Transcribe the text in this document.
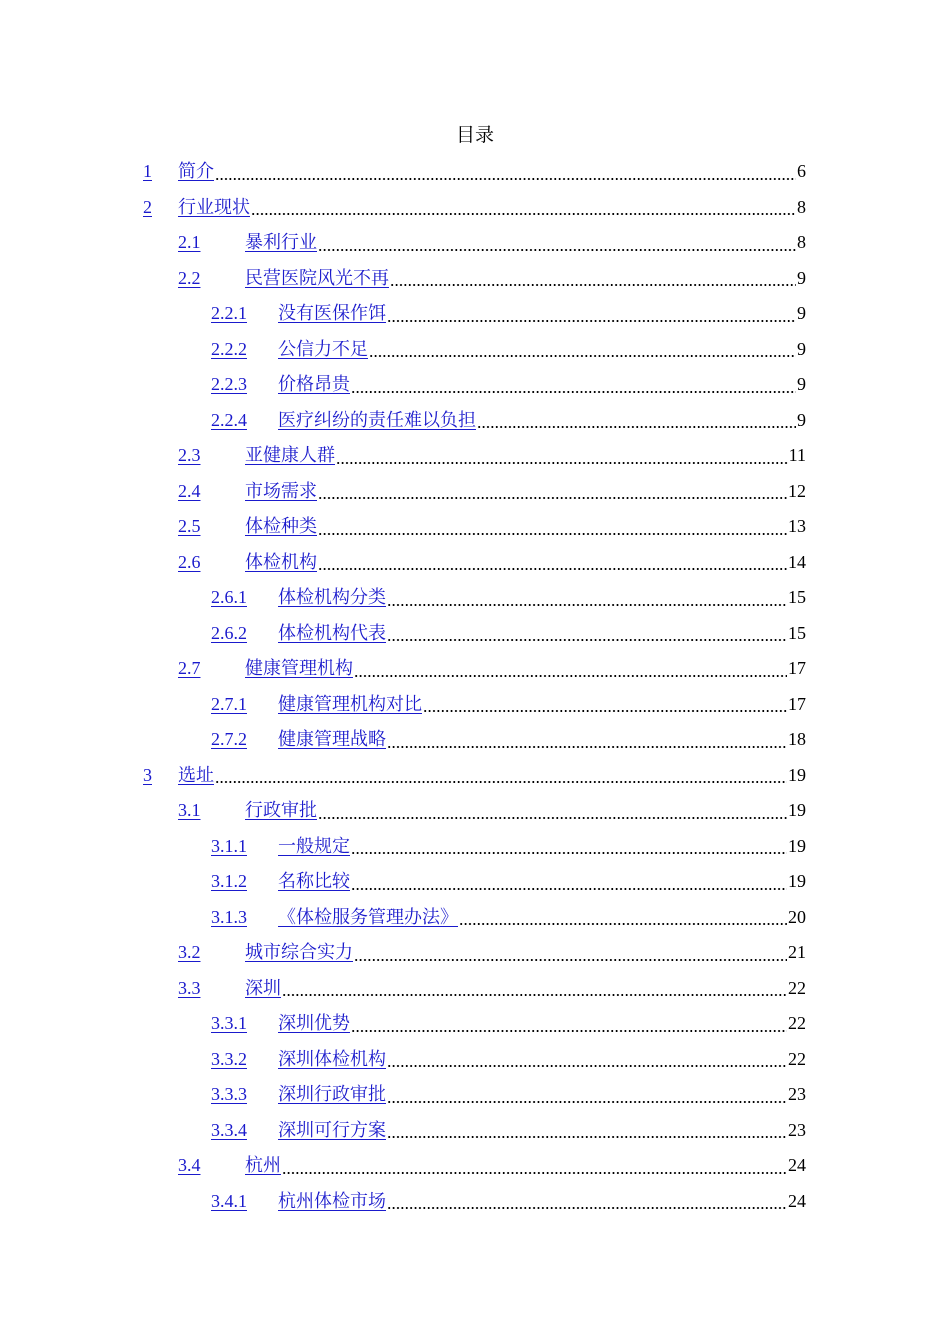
目录
1 简介	6
2 行业现状	8
2.1 暴利行业	8
2.2 民营医院风光不再	9
2.2.1 没有医保作饵	9
2.2.2 公信力不足	9
2.2.3 价格昂贵	9
2.2.4 医疗纠纷的责任难以负担	9
2.3 亚健康人群	11
2.4 市场需求	12
2.5 体检种类	13
2.6 体检机构	14
2.6.1 体检机构分类	15
2.6.2 体检机构代表	15
2.7 健康管理机构	17
2.7.1 健康管理机构对比	17
2.7.2 健康管理战略	18
3 选址	19
3.1 行政审批	19
3.1.1 一般规定	19
3.1.2 名称比较	19
3.1.3 《体检服务管理办法》	20
3.2 城市综合实力	21
3.3 深圳	22
3.3.1 深圳优势	22
3.3.2 深圳体检机构	22
3.3.3 深圳行政审批	23
3.3.4 深圳可行方案	23
3.4 杭州	24
3.4.1 杭州体检市场	24
